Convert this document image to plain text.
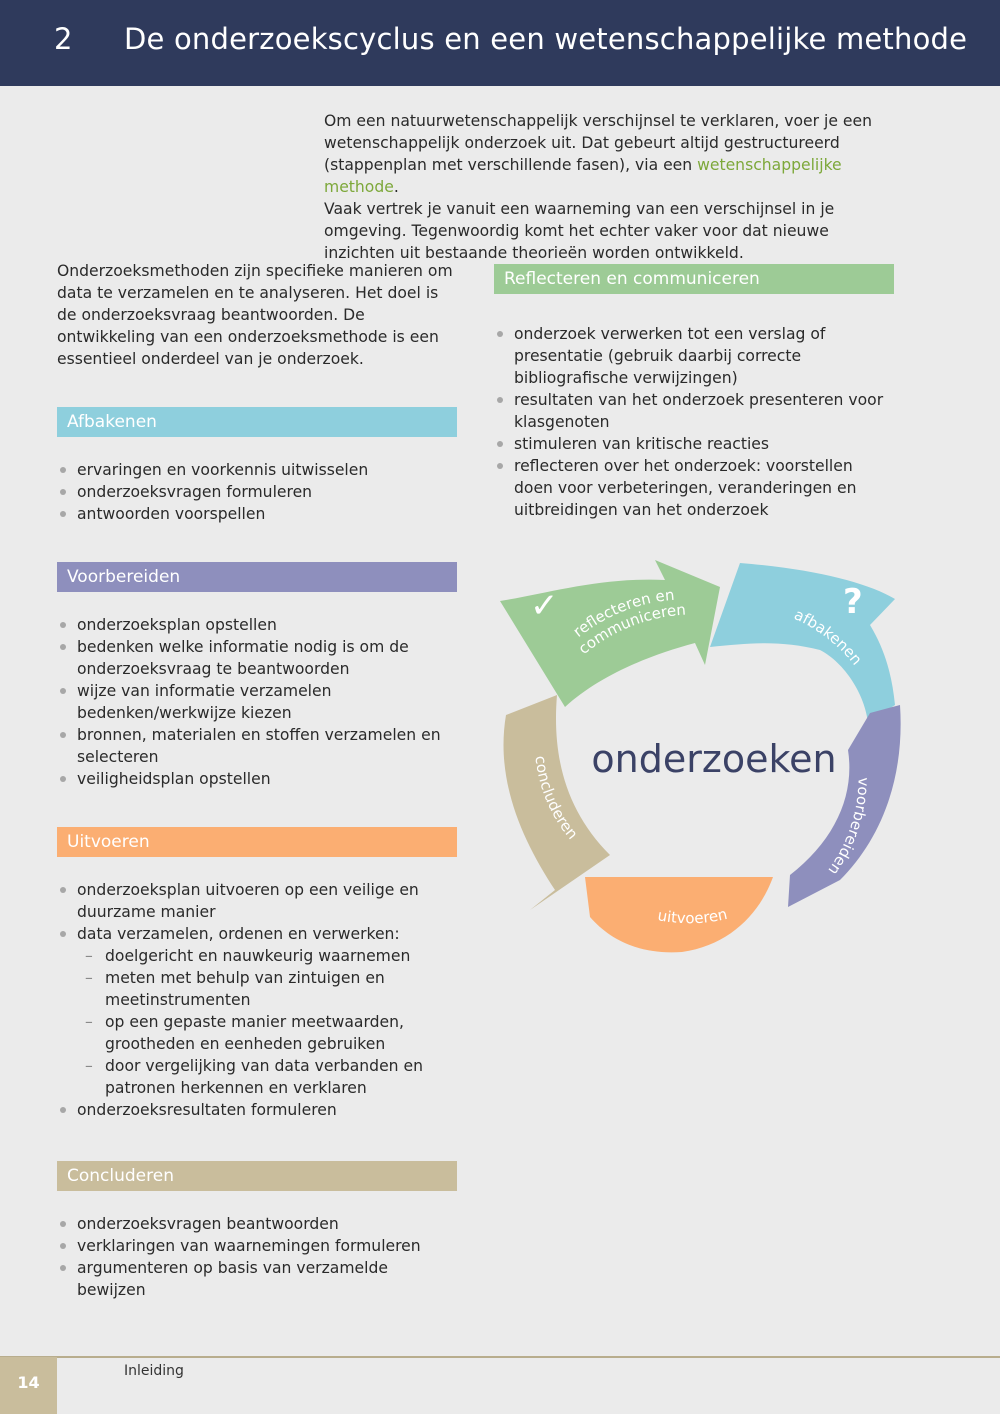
2 De onderzoekscyclus en een wetenschappelijke methode

Om een natuurwetenschappelijk verschijnsel te verklaren, voer je een wetenschappelijk onderzoek uit. Dat gebeurt altijd gestructureerd (stappenplan met verschillende fasen), via een wetenschappelijke methode.
Vaak vertrek je vanuit een waarneming van een verschijnsel in je omgeving. Tegenwoordig komt het echter vaker voor dat nieuwe inzichten uit bestaande theorieën worden ontwikkeld.

Onderzoeksmethoden zijn specifieke manieren om data te verzamelen en te analyseren. Het doel is de onderzoeksvraag beantwoorden. De ontwikkeling van een onderzoeksmethode is een essentieel onderdeel van je onderzoek.

Afbakenen
ervaringen en voorkennis uitwisselen
onderzoeksvragen formuleren
antwoorden voorspellen
Voorbereiden
onderzoeksplan opstellen
bedenken welke informatie nodig is om de onderzoeksvraag te beantwoorden
wijze van informatie verzamelen bedenken/werkwijze kiezen
bronnen, materialen en stoffen verzamelen en selecteren
veiligheidsplan opstellen
Uitvoeren
onderzoeksplan uitvoeren op een veilige en duurzame manier
data verzamelen, ordenen en verwerken:
– doelgericht en nauwkeurig waarnemen
– meten met behulp van zintuigen en meetinstrumenten
– op een gepaste manier meetwaarden, grootheden en eenheden gebruiken
– door vergelijking van data verbanden en patronen herkennen en verklaren
onderzoeksresultaten formuleren
Concluderen
onderzoeksvragen beantwoorden
verklaringen van waarnemingen formuleren
argumenteren op basis van verzamelde bewijzen
Reflecteren en communiceren
onderzoek verwerken tot een verslag of presentatie (gebruik daarbij correcte bibliografische verwijzingen)
resultaten van het onderzoek presenteren voor klasgenoten
stimuleren van kritische reacties
reflecteren over het onderzoek: voorstellen doen voor verbeteringen, veranderingen en uitbreidingen van het onderzoek
✓	?
reflecteren en
communiceren	afbakenen
voorbereiden
uitvoeren
concluderen
onderzoeken
14
Inleiding
